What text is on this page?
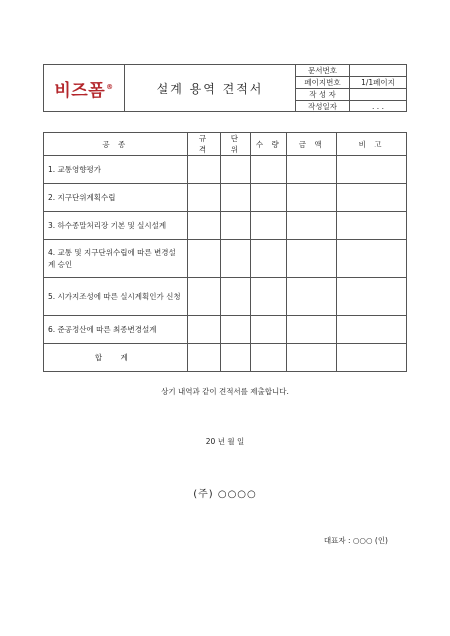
비즈폼®	설계 용역 견적서
문서번호
페이지번호	1/1페이지
작 성 자
작성일자	. . .
공 종	규 격	단 위	수 량	금 액	비 고
1. 교통영향평가					
2. 지구단위계획수립					
3. 하수종말처리장 기본 및 실시설계					
4. 교통 및 지구단위수립에 따른 변경설계 승인					
5. 시가지조성에 따른 실시계획인가 신청					
6. 준공정산에 따른 최종변경설계					
합 계					
상기 내역과 같이 견적서를 제출합니다.
20 년 월 일
(주) ○○○○
대표자 : ○○○ (인)
